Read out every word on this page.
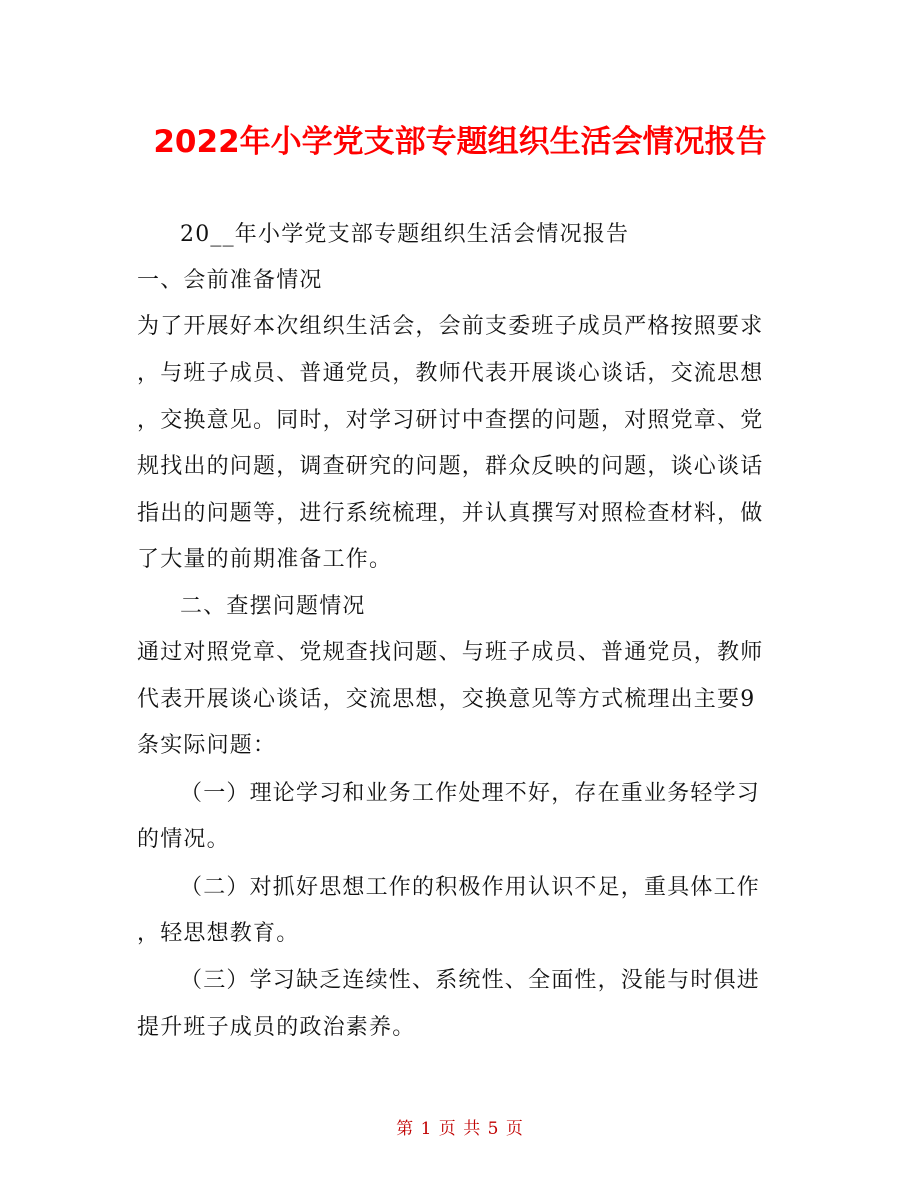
2022年小学党支部专题组织生活会情况报告
20__年小学党支部专题组织生活会情况报告
一、会前准备情况
为了开展好本次组织生活会，会前支委班子成员严格按照要求
，与班子成员、普通党员，教师代表开展谈心谈话，交流思想
，交换意见。同时，对学习研讨中查摆的问题，对照党章、党
规找出的问题，调查研究的问题，群众反映的问题，谈心谈话
指出的问题等，进行系统梳理，并认真撰写对照检查材料，做
了大量的前期准备工作。
二、查摆问题情况
通过对照党章、党规查找问题、与班子成员、普通党员，教师
代表开展谈心谈话，交流思想，交换意见等方式梳理出主要9
条实际问题：
（一）理论学习和业务工作处理不好，存在重业务轻学习
的情况。
（二）对抓好思想工作的积极作用认识不足，重具体工作
，轻思想教育。
（三）学习缺乏连续性、系统性、全面性，没能与时俱进
提升班子成员的政治素养。
第 1 页 共 5 页
